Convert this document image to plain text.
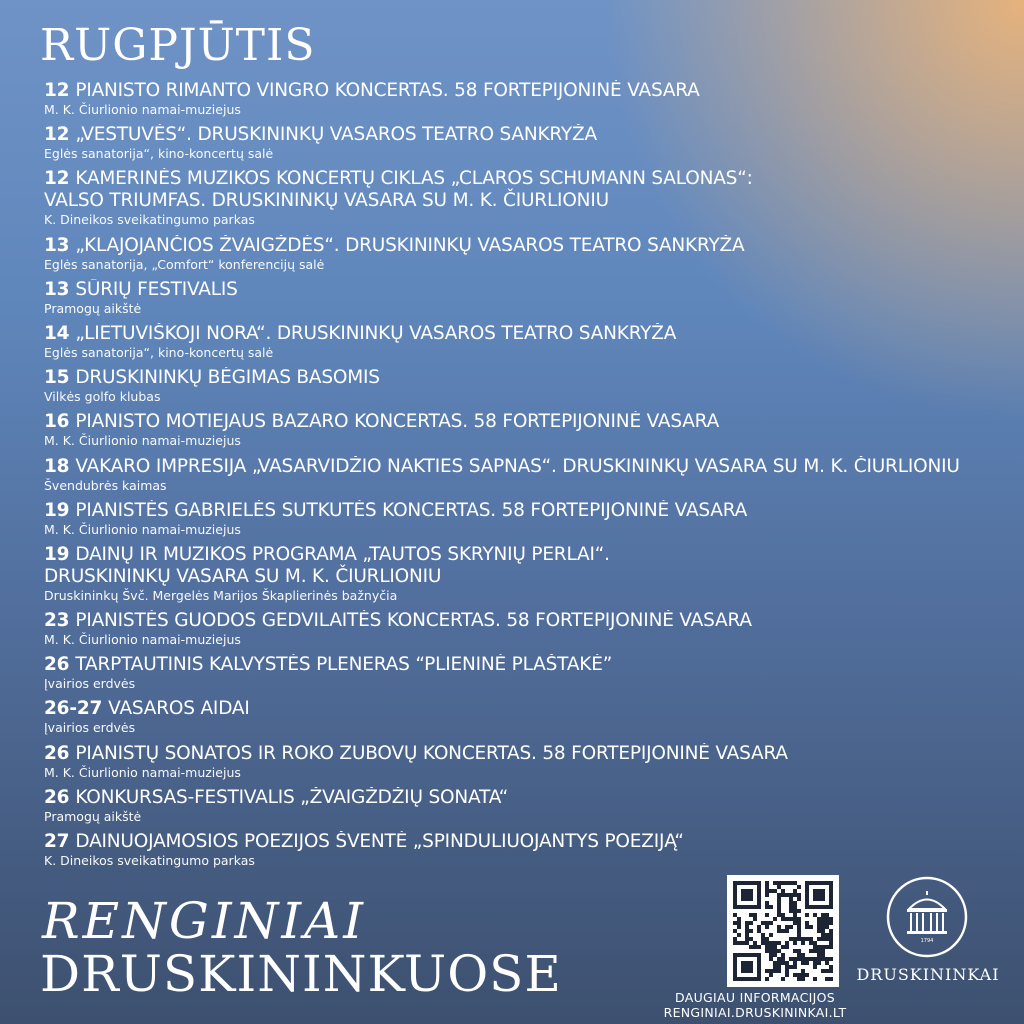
RUGPJŪTIS
12 PIANISTO RIMANTO VINGRO KONCERTAS. 58 FORTEPIJONINĖ VASARA
M. K. Čiurlionio namai-muziejus
12 „VESTUVĖS“. DRUSKININKŲ VASAROS TEATRO SANKRYŽA
Eglės sanatorija“, kino-koncertų salė
12 KAMERINĖS MUZIKOS KONCERTŲ CIKLAS „CLAROS SCHUMANN SALONAS“:
VALSO TRIUMFAS. DRUSKININKŲ VASARA SU M. K. ČIURLIONIU
K. Dineikos sveikatingumo parkas
13 „KLAJOJANČIOS ŽVAIGŽDĖS“. DRUSKININKŲ VASAROS TEATRO SANKRYŽA
Eglės sanatorija, „Comfort“ konferencijų salė
13 SŪRIŲ FESTIVALIS
Pramogų aikštė
14 „LIETUVIŠKOJI NORA“. DRUSKININKŲ VASAROS TEATRO SANKRYŽA
Eglės sanatorija“, kino-koncertų salė
15 DRUSKININKŲ BĖGIMAS BASOMIS
Vilkės golfo klubas
16 PIANISTO MOTIEJAUS BAZARO KONCERTAS. 58 FORTEPIJONINĖ VASARA
M. K. Čiurlionio namai-muziejus
18 VAKARO IMPRESIJA „VASARVIDŽIO NAKTIES SAPNAS“. DRUSKININKŲ VASARA SU M. K. ČIURLIONIU
Švendubrės kaimas
19 PIANISTĖS GABRIELĖS SUTKUTĖS KONCERTAS. 58 FORTEPIJONINĖ VASARA
M. K. Čiurlionio namai-muziejus
19 DAINŲ IR MUZIKOS PROGRAMA „TAUTOS SKRYNIŲ PERLAI“.
DRUSKININKŲ VASARA SU M. K. ČIURLIONIU
Druskininkų Švč. Mergelės Marijos Škaplierinės bažnyčia
23 PIANISTĖS GUODOS GEDVILAITĖS KONCERTAS. 58 FORTEPIJONINĖ VASARA
M. K. Čiurlionio namai-muziejus
26 TARPTAUTINIS KALVYSTĖS PLENERAS “PLIENINĖ PLAŠTAKĖ”
Įvairios erdvės
26-27 VASAROS AIDAI
Įvairios erdvės
26 PIANISTŲ SONATOS IR ROKO ZUBOVŲ KONCERTAS. 58 FORTEPIJONINĖ VASARA
M. K. Čiurlionio namai-muziejus
26 KONKURSAS-FESTIVALIS „ŽVAIGŽDŽIŲ SONATA“
Pramogų aikštė
27 DAINUOJAMOSIOS POEZIJOS ŠVENTĖ „SPINDULIUOJANTYS POEZIJĄ“
K. Dineikos sveikatingumo parkas
RENGINIAI
DRUSKININKUOSE	DAUGIAU INFORMACIJOS
RENGINIAI.DRUSKININKAI.LT
1794
DRUSKININKAI
